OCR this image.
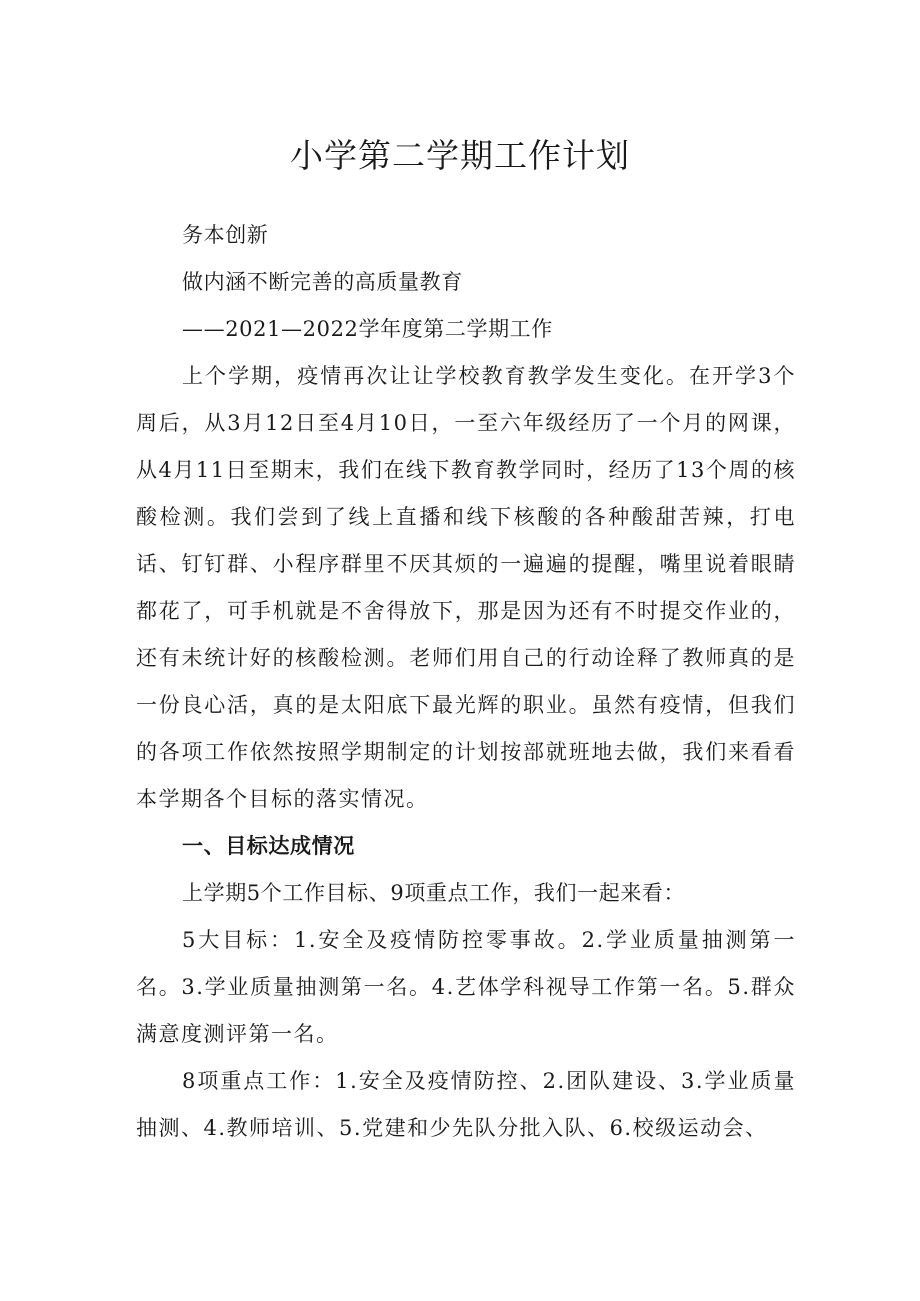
小学第二学期工作计划

务本创新

做内涵不断完善的高质量教育

——2021—2022学年度第二学期工作

上个学期，疫情再次让让学校教育教学发生变化。在开学3个周后，从3月12日至4月10日，一至六年级经历了一个月的网课，从4月11日至期末，我们在线下教育教学同时，经历了13个周的核酸检测。我们尝到了线上直播和线下核酸的各种酸甜苦辣，打电话、钉钉群、小程序群里不厌其烦的一遍遍的提醒，嘴里说着眼睛都花了，可手机就是不舍得放下，那是因为还有不时提交作业的，还有未统计好的核酸检测。老师们用自己的行动诠释了教师真的是一份良心活，真的是太阳底下最光辉的职业。虽然有疫情，但我们的各项工作依然按照学期制定的计划按部就班地去做，我们来看看本学期各个目标的落实情况。

一、目标达成情况

上学期5个工作目标、9项重点工作，我们一起来看：

5大目标：1.安全及疫情防控零事故。2.学业质量抽测第一名。3.学业质量抽测第一名。4.艺体学科视导工作第一名。5.群众满意度测评第一名。

8项重点工作：1.安全及疫情防控、2.团队建设、3.学业质量抽测、4.教师培训、5.党建和少先队分批入队、6.校级运动会、
